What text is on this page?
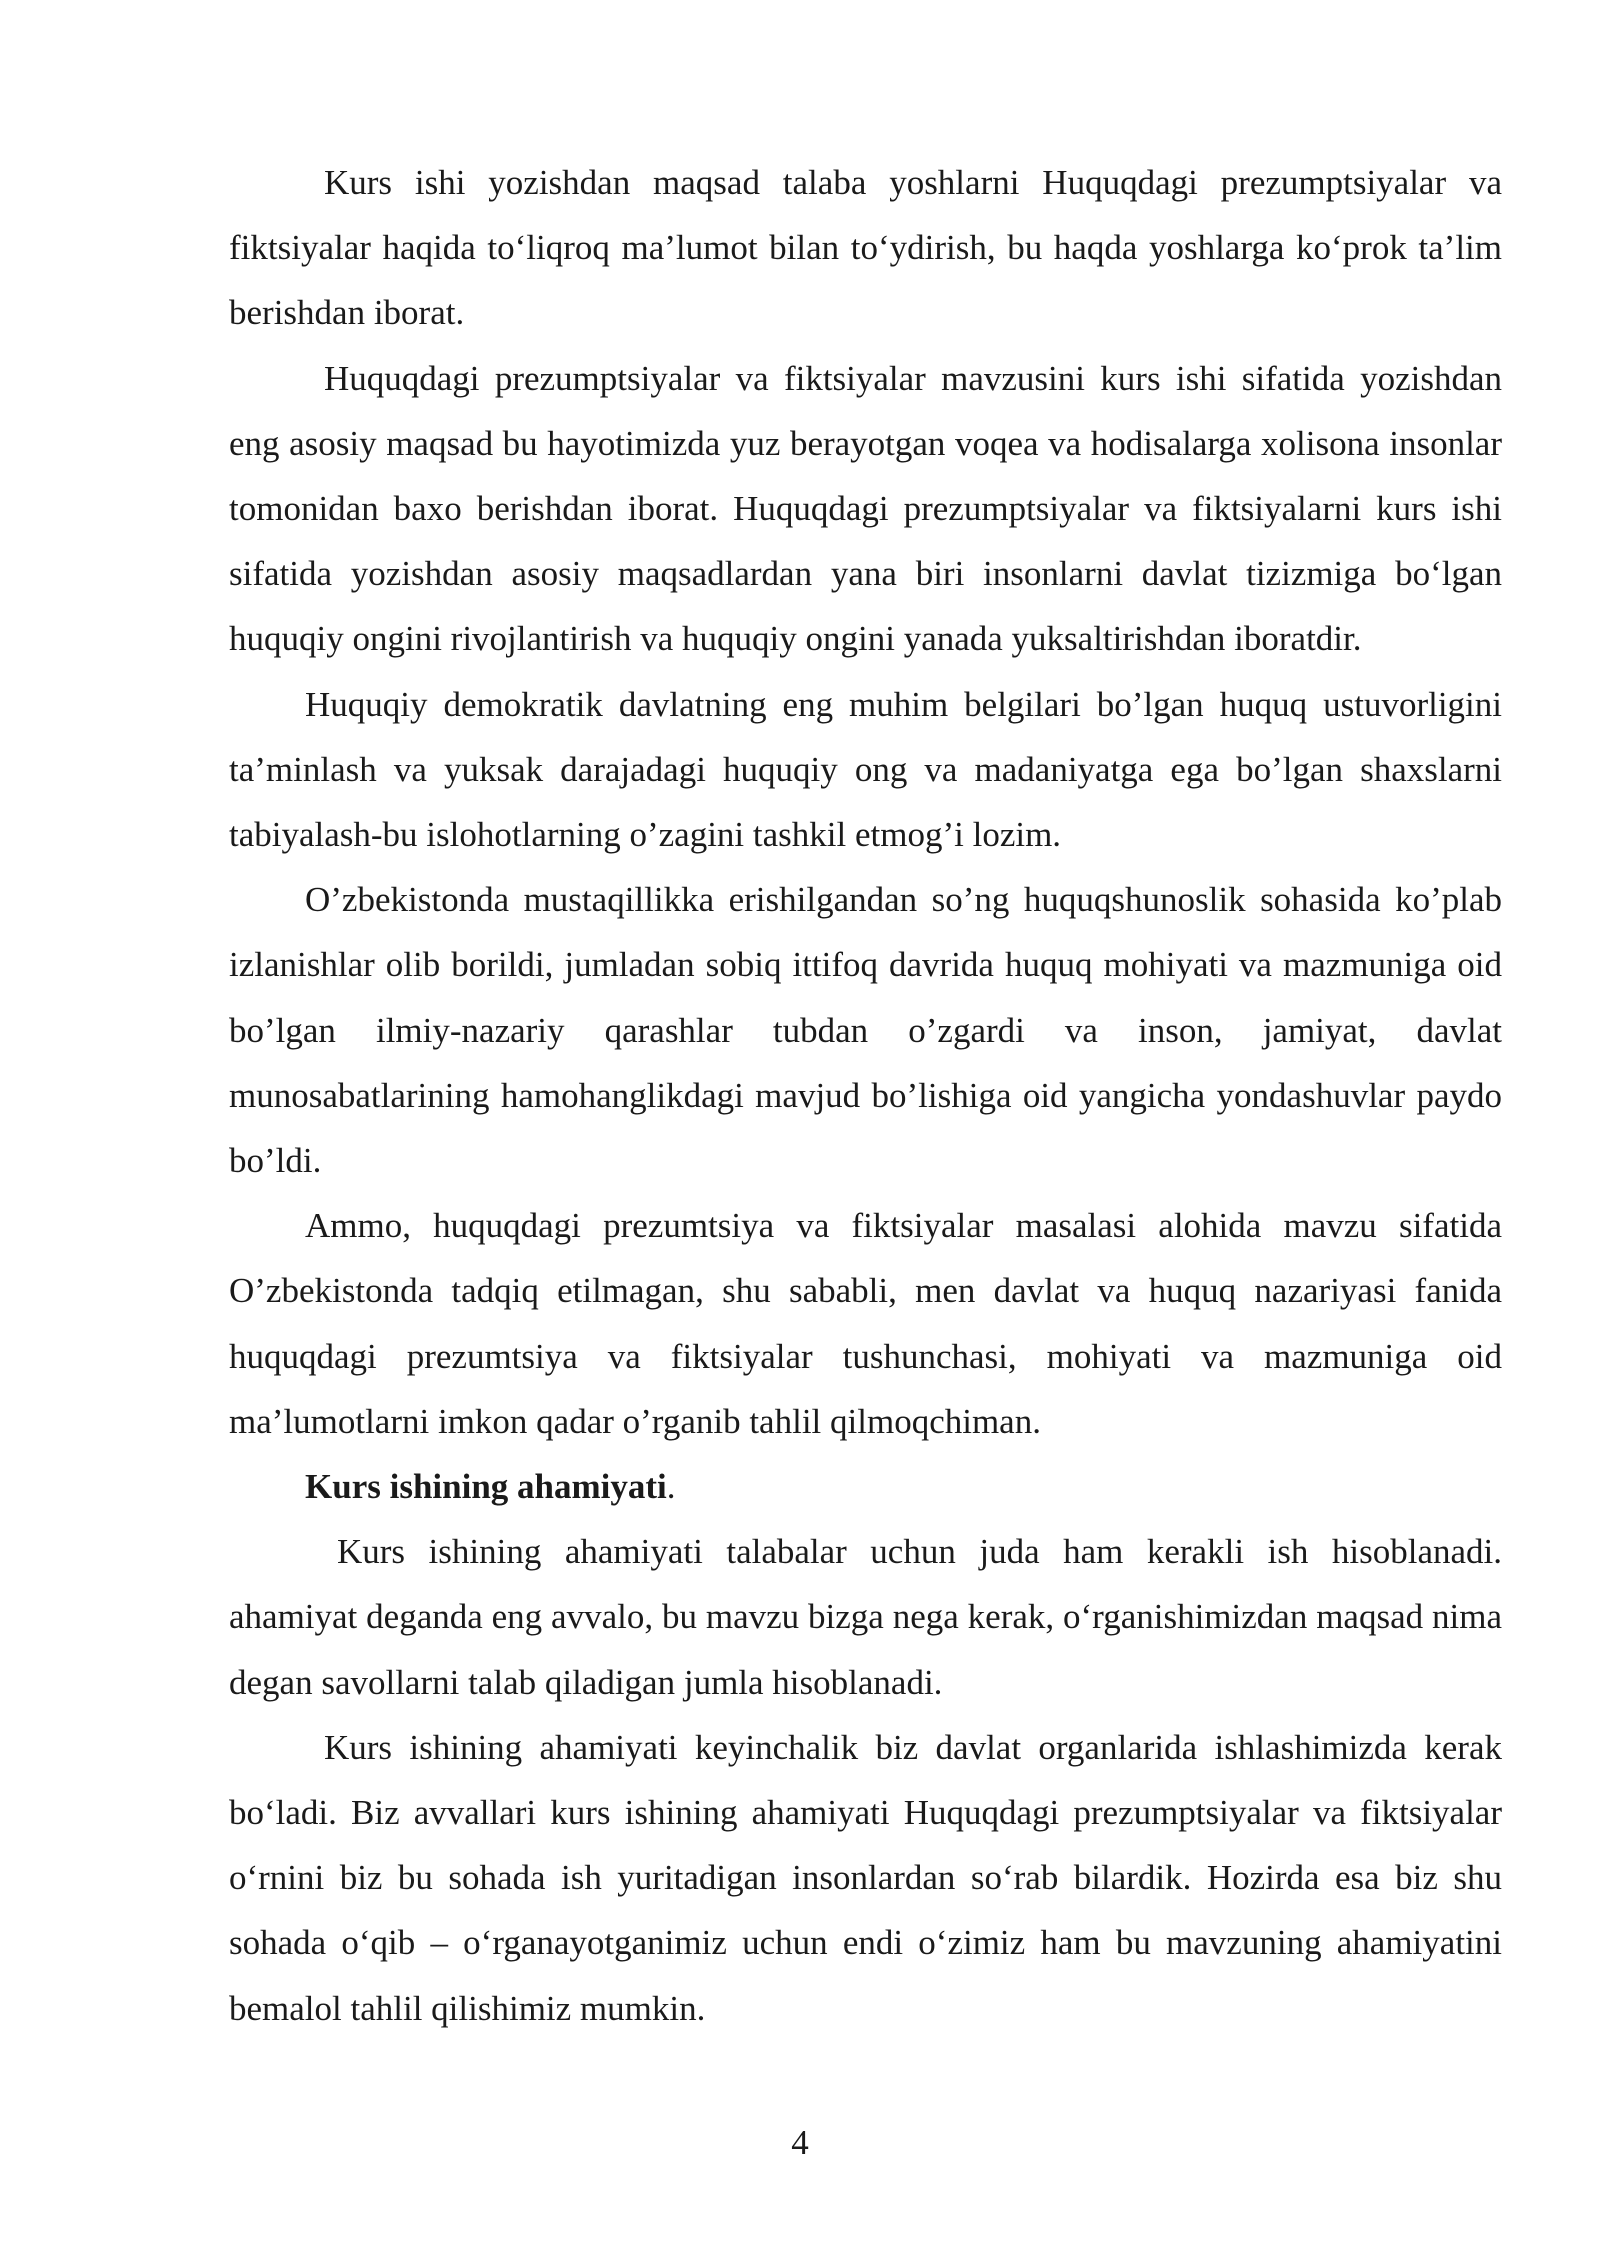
Kurs ishi yozishdan maqsad talaba yoshlarni Huquqdagi prezumptsiyalar va fiktsiyalar haqida to‘liqroq ma’lumot bilan to‘ydirish, bu haqda yoshlarga ko‘prok ta’lim berishdan iborat.

Huquqdagi prezumptsiyalar va fiktsiyalar mavzusini kurs ishi sifatida yozishdan eng asosiy maqsad bu hayotimizda yuz berayotgan voqea va hodisalarga xolisona insonlar tomonidan baxo berishdan iborat. Huquqdagi prezumptsiyalar va fiktsiyalarni kurs ishi sifatida yozishdan asosiy maqsadlardan yana biri insonlarni davlat tizizmiga bo‘lgan huquqiy ongini rivojlantirish va huquqiy ongini yanada yuksaltirishdan iboratdir.

Huquqiy demokratik davlatning eng muhim belgilari bo’lgan huquq ustuvorligini ta’minlash va yuksak darajadagi huquqiy ong va madaniyatga ega bo’lgan shaxslarni tabiyalash-bu islohotlarning o’zagini tashkil etmog’i lozim.

O’zbekistonda mustaqillikka erishilgandan so’ng huquqshunoslik sohasida ko’plab izlanishlar olib borildi, jumladan sobiq ittifoq davrida huquq mohiyati va mazmuniga oid bo’lgan ilmiy-nazariy qarashlar tubdan o’zgardi va inson, jamiyat, davlat munosabatlarining hamohanglikdagi mavjud bo’lishiga oid yangicha yondashuvlar paydo bo’ldi.

Ammo, huquqdagi prezumtsiya va fiktsiyalar masalasi alohida mavzu sifatida O’zbekistonda tadqiq etilmagan, shu sababli, men davlat va huquq nazariyasi fanida huquqdagi prezumtsiya va fiktsiyalar tushunchasi, mohiyati va mazmuniga oid ma’lumotlarni imkon qadar o’rganib tahlil qilmoqchiman.

Kurs ishining ahamiyati.

Kurs ishining ahamiyati talabalar uchun juda ham kerakli ish hisoblanadi. ahamiyat deganda eng avvalo, bu mavzu bizga nega kerak, o‘rganishimizdan maqsad nima degan savollarni talab qiladigan jumla hisoblanadi.

Kurs ishining ahamiyati keyinchalik biz davlat organlarida ishlashimizda kerak bo‘ladi. Biz avvallari kurs ishining ahamiyati Huquqdagi prezumptsiyalar va fiktsiyalar o‘rnini biz bu sohada ish yuritadigan insonlardan so‘rab bilardik. Hozirda esa biz shu sohada o‘qib – o‘rganayotganimiz uchun endi o‘zimiz ham bu mavzuning ahamiyatini bemalol tahlil qilishimiz mumkin.

4
